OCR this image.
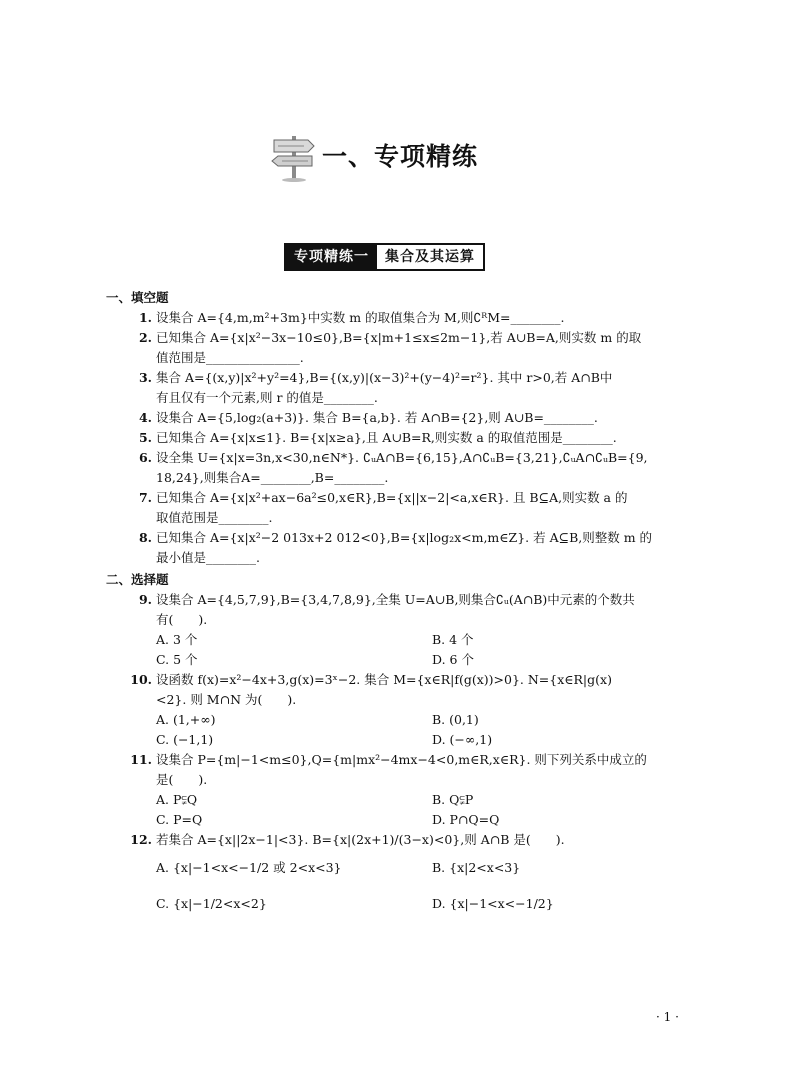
一、专项精练
专项精练一	集合及其运算
一、填空题
1. 设集合 A={4,m,m²+3m}中实数 m 的取值集合为 M,则∁ᴿM=________.
2. 已知集合 A={x|x²−3x−10≤0},B={x|m+1≤x≤2m−1},若 A∪B=A,则实数 m 的取
值范围是_______________.
3. 集合 A={(x,y)|x²+y²=4},B={(x,y)|(x−3)²+(y−4)²=r²}. 其中 r>0,若 A∩B中
有且仅有一个元素,则 r 的值是________.
4. 设集合 A={5,log₂(a+3)}. 集合 B={a,b}. 若 A∩B={2},则 A∪B=________.
5. 已知集合 A={x|x≤1}. B={x|x≥a},且 A∪B=R,则实数 a 的取值范围是________.
6. 设全集 U={x|x=3n,x<30,n∈N*}. ∁ᵤA∩B={6,15},A∩∁ᵤB={3,21},∁ᵤA∩∁ᵤB={9,
18,24},则集合A=________,B=________.
7. 已知集合 A={x|x²+ax−6a²≤0,x∈R},B={x||x−2|<a,x∈R}. 且 B⊆A,则实数 a 的
取值范围是________.
8. 已知集合 A={x|x²−2 013x+2 012<0},B={x|log₂x<m,m∈Z}. 若 A⊆B,则整数 m 的
最小值是________.
二、选择题
9. 设集合 A={4,5,7,9},B={3,4,7,8,9},全集 U=A∪B,则集合∁ᵤ(A∩B)中元素的个数共
有(　　).
A. 3 个	B. 4 个
C. 5 个	D. 6 个
10. 设函数 f(x)=x²−4x+3,g(x)=3ˣ−2. 集合 M={x∈R|f(g(x))>0}. N={x∈R|g(x)
<2}. 则 M∩N 为(　　).
A. (1,+∞)	B. (0,1)
C. (−1,1)	D. (−∞,1)
11. 设集合 P={m|−1<m≤0},Q={m|mx²−4mx−4<0,m∈R,x∈R}. 则下列关系中成立的
是(　　).
A. P⫋Q	B. Q⫋P
C. P=Q	D. P∩Q=Q
12. 若集合 A={x||2x−1|<3}. B={x|(2x+1)/(3−x)<0},则 A∩B 是(　　).
A. {x|−1<x<−1/2 或 2<x<3}	B. {x|2<x<3}
C. {x|−1/2<x<2}	D. {x|−1<x<−1/2}
· 1 ·
